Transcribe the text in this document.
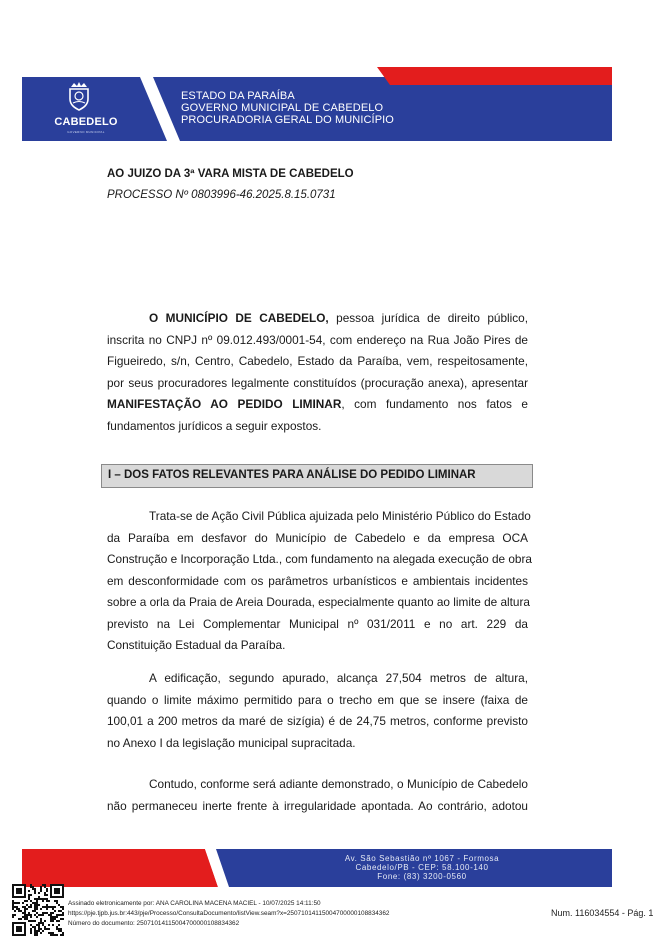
CABEDELO
GOVERNO MUNICIPAL
ESTADO DA PARAÍBA
GOVERNO MUNICIPAL DE CABEDELO
PROCURADORIA GERAL DO MUNICÍPIO
AO JUIZO DA 3ª VARA MISTA DE CABEDELO
PROCESSO Nº 0803996-46.2025.8.15.0731
O MUNICÍPIO DE CABEDELO, pessoa jurídica de direito público,
inscrita no CNPJ nº 09.012.493/0001-54, com endereço na Rua João Pires de
Figueiredo, s/n, Centro, Cabedelo, Estado da Paraíba, vem, respeitosamente,
por seus procuradores legalmente constituídos (procuração anexa), apresentar
MANIFESTAÇÃO AO PEDIDO LIMINAR, com fundamento nos fatos e
fundamentos jurídicos a seguir expostos.
I – DOS FATOS RELEVANTES PARA ANÁLISE DO PEDIDO LIMINAR
Trata-se de Ação Civil Pública ajuizada pelo Ministério Público do Estado
da Paraíba em desfavor do Município de Cabedelo e da empresa OCA
Construção e Incorporação Ltda., com fundamento na alegada execução de obra
em desconformidade com os parâmetros urbanísticos e ambientais incidentes
sobre a orla da Praia de Areia Dourada, especialmente quanto ao limite de altura
previsto na Lei Complementar Municipal nº 031/2011 e no art. 229 da
Constituição Estadual da Paraíba.
A edificação, segundo apurado, alcança 27,504 metros de altura,
quando o limite máximo permitido para o trecho em que se insere (faixa de
100,01 a 200 metros da maré de sizígia) é de 24,75 metros, conforme previsto
no Anexo I da legislação municipal supracitada.
Contudo, conforme será adiante demonstrado, o Município de Cabedelo
não permaneceu inerte frente à irregularidade apontada. Ao contrário, adotou
Av. São Sebastião nº 1067 - Formosa
Cabedelo/PB - CEP: 58.100-140
Fone: (83) 3200-0560
Assinado eletronicamente por: ANA CAROLINA MACENA MACIEL - 10/07/2025 14:11:50
https://pje.tjpb.jus.br:443/pje/Processo/ConsultaDocumento/listView.seam?x=25071014115004700000108834362
Número do documento: 25071014115004700000108834362
Num. 116034554 - Pág. 1
